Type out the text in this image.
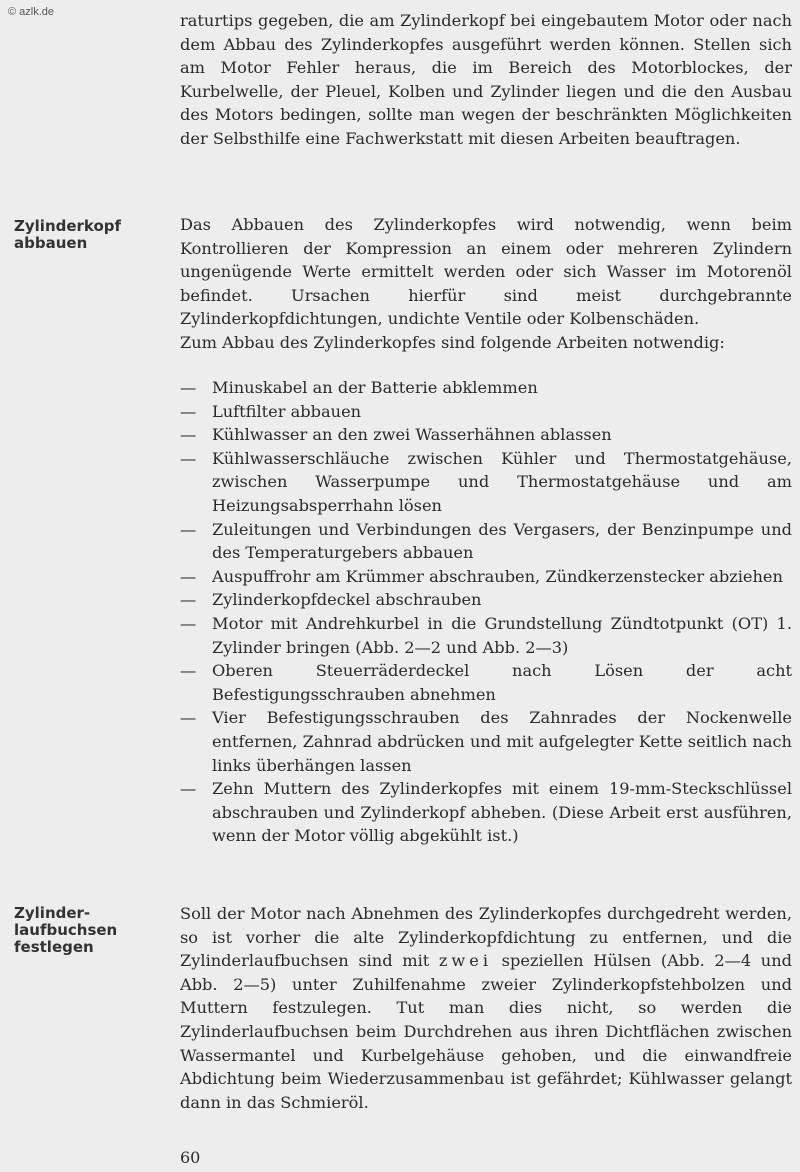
© azlk.de	raturtips gegeben, die am Zylinderkopf bei eingebautem Motor oder nach dem Abbau des Zylinderkopfes ausgeführt werden können. Stellen sich am Motor Fehler heraus, die im Bereich des Motorblockes, der Kurbelwelle, der Pleuel, Kolben und Zylinder liegen und die den Ausbau des Motors bedingen, sollte man wegen der beschränkten Möglichkeiten der Selbsthilfe eine Fachwerkstatt mit diesen Arbeiten beauftragen.

Zylinderkopf
abbauen

Das Abbauen des Zylinderkopfes wird notwendig, wenn beim Kontrollieren der Kompression an einem oder mehreren Zylindern ungenügende Werte ermittelt werden oder sich Wasser im Motorenöl befindet. Ursachen hierfür sind meist durchgebrannte Zylinderkopfdichtungen, undichte Ventile oder Kolbenschäden.

Zum Abbau des Zylinderkopfes sind folgende Arbeiten notwendig:

— Minuskabel an der Batterie abklemmen
— Luftfilter abbauen
— Kühlwasser an den zwei Wasserhähnen ablassen
— Kühlwasserschläuche zwischen Kühler und Thermostatgehäuse, zwischen Wasserpumpe und Thermostatgehäuse und am Heizungsabsperrhahn lösen
— Zuleitungen und Verbindungen des Vergasers, der Benzinpumpe und des Temperaturgebers abbauen
— Auspuffrohr am Krümmer abschrauben, Zündkerzenstecker abziehen
— Zylinderkopfdeckel abschrauben
— Motor mit Andrehkurbel in die Grundstellung Zündtotpunkt (OT) 1. Zylinder bringen (Abb. 2—2 und Abb. 2—3)
— Oberen Steuerräderdeckel nach Lösen der acht Befestigungsschrauben abnehmen
— Vier Befestigungsschrauben des Zahnrades der Nockenwelle entfernen, Zahnrad abdrücken und mit aufgelegter Kette seitlich nach links überhängen lassen
— Zehn Muttern des Zylinderkopfes mit einem 19-mm-Steckschlüssel abschrauben und Zylinderkopf abheben. (Diese Arbeit erst ausführen, wenn der Motor völlig abgekühlt ist.)
Zylinder-
laufbuchsen
festlegen

Soll der Motor nach Abnehmen des Zylinderkopfes durchgedreht werden, so ist vorher die alte Zylinderkopfdichtung zu entfernen, und die Zylinderlaufbuchsen sind mit zwei speziellen Hülsen (Abb. 2—4 und Abb. 2—5) unter Zuhilfenahme zweier Zylinderkopfstehbolzen und Muttern festzulegen. Tut man dies nicht, so werden die Zylinderlaufbuchsen beim Durchdrehen aus ihren Dichtflächen zwischen Wassermantel und Kurbelgehäuse gehoben, und die einwandfreie Abdichtung beim Wiederzusammenbau ist gefährdet; Kühlwasser gelangt dann in das Schmieröl.

60
